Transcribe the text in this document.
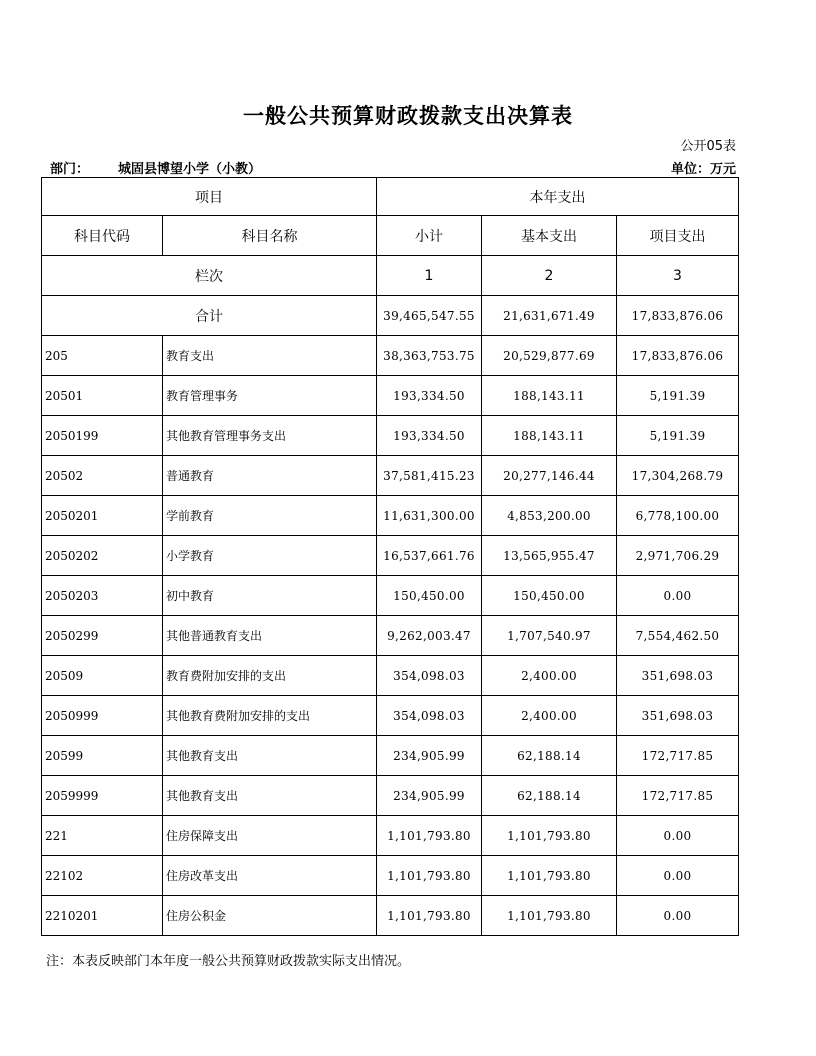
一般公共预算财政拨款支出决算表
公开05表
部门： 城固县博望小学（小教）	单位：万元
项目		本年支出		
科目代码	科目名称	小计	基本支出	项目支出
栏次		1	2	3
合计		39,465,547.55	21,631,671.49	17,833,876.06
205	教育支出	38,363,753.75	20,529,877.69	17,833,876.06
20501	教育管理事务	193,334.50	188,143.11	5,191.39
2050199	其他教育管理事务支出	193,334.50	188,143.11	5,191.39
20502	普通教育	37,581,415.23	20,277,146.44	17,304,268.79
2050201	学前教育	11,631,300.00	4,853,200.00	6,778,100.00
2050202	小学教育	16,537,661.76	13,565,955.47	2,971,706.29
2050203	初中教育	150,450.00	150,450.00	0.00
2050299	其他普通教育支出	9,262,003.47	1,707,540.97	7,554,462.50
20509	教育费附加安排的支出	354,098.03	2,400.00	351,698.03
2050999	其他教育费附加安排的支出	354,098.03	2,400.00	351,698.03
20599	其他教育支出	234,905.99	62,188.14	172,717.85
2059999	其他教育支出	234,905.99	62,188.14	172,717.85
221	住房保障支出	1,101,793.80	1,101,793.80	0.00
22102	住房改革支出	1,101,793.80	1,101,793.80	0.00
2210201	住房公积金	1,101,793.80	1,101,793.80	0.00
注：本表反映部门本年度一般公共预算财政拨款实际支出情况。
